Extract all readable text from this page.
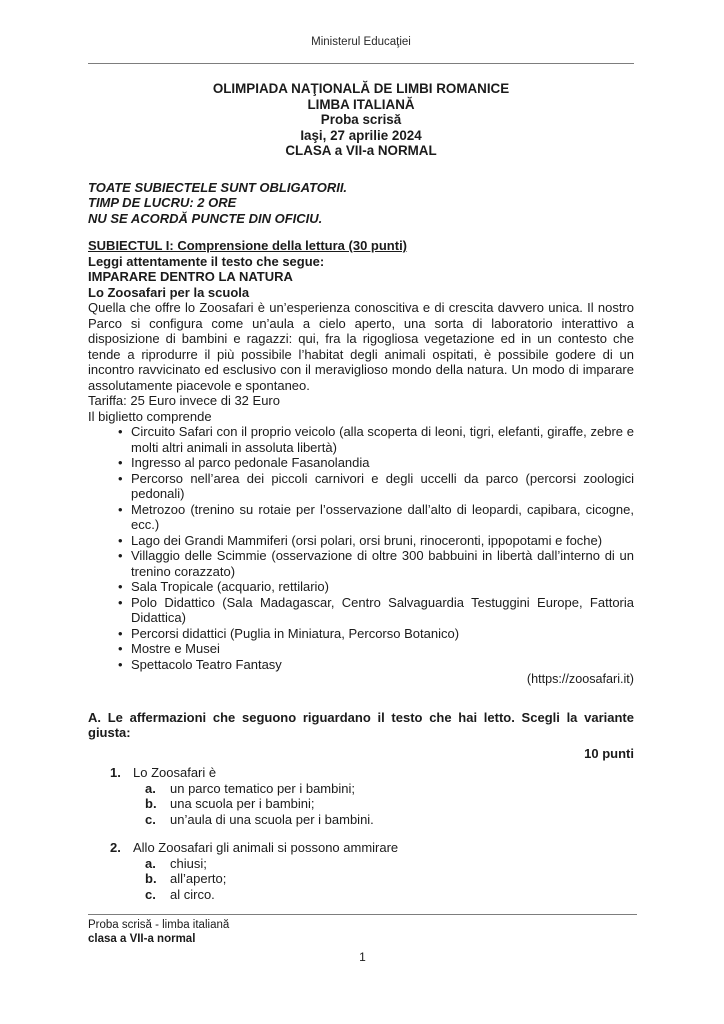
Ministerul Educaţiei
OLIMPIADA NAŢIONALĂ DE LIMBI ROMANICE
LIMBA ITALIANĂ
Proba scrisă
Iaşi, 27 aprilie 2024
CLASA a VII-a NORMAL
TOATE SUBIECTELE SUNT OBLIGATORII.
TIMP DE LUCRU: 2 ORE
NU SE ACORDĂ PUNCTE DIN OFICIU.
SUBIECTUL I: Comprensione della lettura (30 punti)
Leggi attentamente il testo che segue:
IMPARARE DENTRO LA NATURA
Lo Zoosafari per la scuola
Quella che offre lo Zoosafari è un’esperienza conoscitiva e di crescita davvero unica. Il nostro Parco si configura come un’aula a cielo aperto, una sorta di laboratorio interattivo a disposizione di bambini e ragazzi: qui, fra la rigogliosa vegetazione ed in un contesto che tende a riprodurre il più possibile l’habitat degli animali ospitati, è possibile godere di un incontro ravvicinato ed esclusivo con il meraviglioso mondo della natura. Un modo di imparare assolutamente piacevole e spontaneo.
Tariffa: 25 Euro invece di 32 Euro
Il biglietto comprende
• Circuito Safari con il proprio veicolo (alla scoperta di leoni, tigri, elefanti, giraffe, zebre e molti altri animali in assoluta libertà)
• Ingresso al parco pedonale Fasanolandia
• Percorso nell’area dei piccoli carnivori e degli uccelli da parco (percorsi zoologici pedonali)
• Metrozoo (trenino su rotaie per l’osservazione dall’alto di leopardi, capibara, cicogne, ecc.)
• Lago dei Grandi Mammiferi (orsi polari, orsi bruni, rinoceronti, ippopotami e foche)
• Villaggio delle Scimmie (osservazione di oltre 300 babbuini in libertà dall’interno di un trenino corazzato)
• Sala Tropicale (acquario, rettilario)
• Polo Didattico (Sala Madagascar, Centro Salvaguardia Testuggini Europe, Fattoria Didattica)
• Percorsi didattici (Puglia in Miniatura, Percorso Botanico)
• Mostre e Musei
• Spettacolo Teatro Fantasy
(https://zoosafari.it)
A. Le affermazioni che seguono riguardano il testo che hai letto. Scegli la variante giusta:
10 punti
1. Lo Zoosafari è
a. un parco tematico per i bambini;
b. una scuola per i bambini;
c. un’aula di una scuola per i bambini.
2. Allo Zoosafari gli animali si possono ammirare
a. chiusi;
b. all’aperto;
c. al circo.
Proba scrisă - limba italiană
clasa a VII-a normal
1
